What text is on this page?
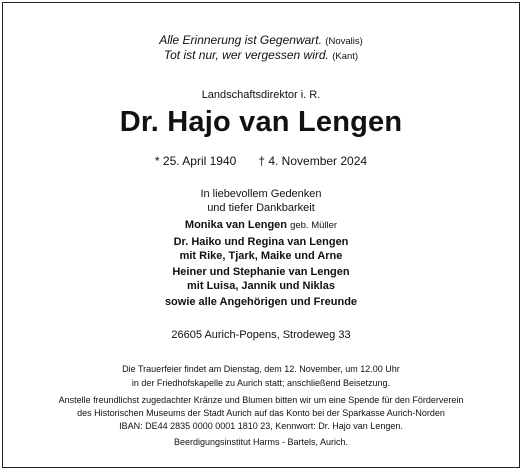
Alle Erinnerung ist Gegenwart. (Novalis)
Tot ist nur, wer vergessen wird. (Kant)
Landschaftsdirektor i. R.
Dr. Hajo van Lengen
* 25. April 1940 † 4. November 2024
In liebevollem Gedenken
und tiefer Dankbarkeit
Monika van Lengen geb. Müller
Dr. Haiko und Regina van Lengen
mit Rike, Tjark, Maike und Arne
Heiner und Stephanie van Lengen
mit Luisa, Jannik und Niklas
sowie alle Angehörigen und Freunde
26605 Aurich-Popens, Strodeweg 33
Die Trauerfeier findet am Dienstag, dem 12. November, um 12.00 Uhr
in der Friedhofskapelle zu Aurich statt; anschließend Beisetzung.
Anstelle freundlichst zugedachter Kränze und Blumen bitten wir um eine Spende für den Förderverein
des Historischen Museums der Stadt Aurich auf das Konto bei der Sparkasse Aurich-Norden
IBAN: DE44 2835 0000 0001 1810 23, Kennwort: Dr. Hajo van Lengen.
Beerdigungsinstitut Harms - Bartels, Aurich.
